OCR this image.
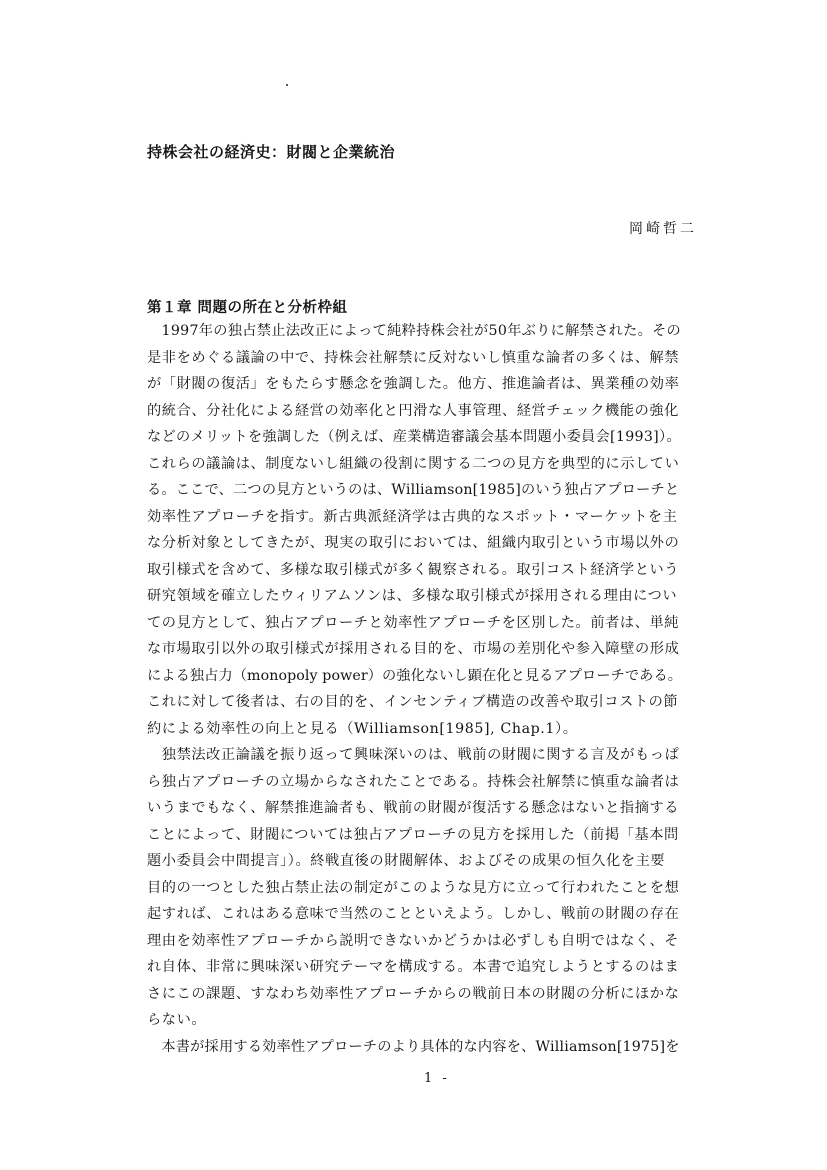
持株会社の経済史：財閥と企業統治
岡崎哲二
第１章 問題の所在と分析枠組
　1997年の独占禁止法改正によって純粋持株会社が50年ぶりに解禁された。その
是非をめぐる議論の中で、持株会社解禁に反対ないし慎重な論者の多くは、解禁
が「財閥の復活」をもたらす懸念を強調した。他方、推進論者は、異業種の効率
的統合、分社化による経営の効率化と円滑な人事管理、経営チェック機能の強化
などのメリットを強調した（例えば、産業構造審議会基本問題小委員会[1993]）。
これらの議論は、制度ないし組織の役割に関する二つの見方を典型的に示してい
る。ここで、二つの見方というのは、Williamson[1985]のいう独占アプローチと
効率性アプローチを指す。新古典派経済学は古典的なスポット・マーケットを主
な分析対象としてきたが、現実の取引においては、組織内取引という市場以外の
取引様式を含めて、多様な取引様式が多く観察される。取引コスト経済学という
研究領域を確立したウィリアムソンは、多様な取引様式が採用される理由につい
ての見方として、独占アプローチと効率性アプローチを区別した。前者は、単純
な市場取引以外の取引様式が採用される目的を、市場の差別化や参入障壁の形成
による独占力（monopoly power）の強化ないし顕在化と見るアプローチである。
これに対して後者は、右の目的を、インセンティブ構造の改善や取引コストの節
約による効率性の向上と見る（Williamson[1985], Chap.1）。
　独禁法改正論議を振り返って興味深いのは、戦前の財閥に関する言及がもっぱ
ら独占アプローチの立場からなされたことである。持株会社解禁に慎重な論者は
いうまでもなく、解禁推進論者も、戦前の財閥が復活する懸念はないと指摘する
ことによって、財閥については独占アプローチの見方を採用した（前掲「基本問
題小委員会中間提言」）。終戦直後の財閥解体、およびその成果の恒久化を主要
目的の一つとした独占禁止法の制定がこのような見方に立って行われたことを想
起すれば、これはある意味で当然のことといえよう。しかし、戦前の財閥の存在
理由を効率性アプローチから説明できないかどうかは必ずしも自明ではなく、そ
れ自体、非常に興味深い研究テーマを構成する。本書で追究しようとするのはま
さにこの課題、すなわち効率性アプローチからの戦前日本の財閥の分析にほかな
らない。
　本書が採用する効率性アプローチのより具体的な内容を、Williamson[1975]を
1 -
